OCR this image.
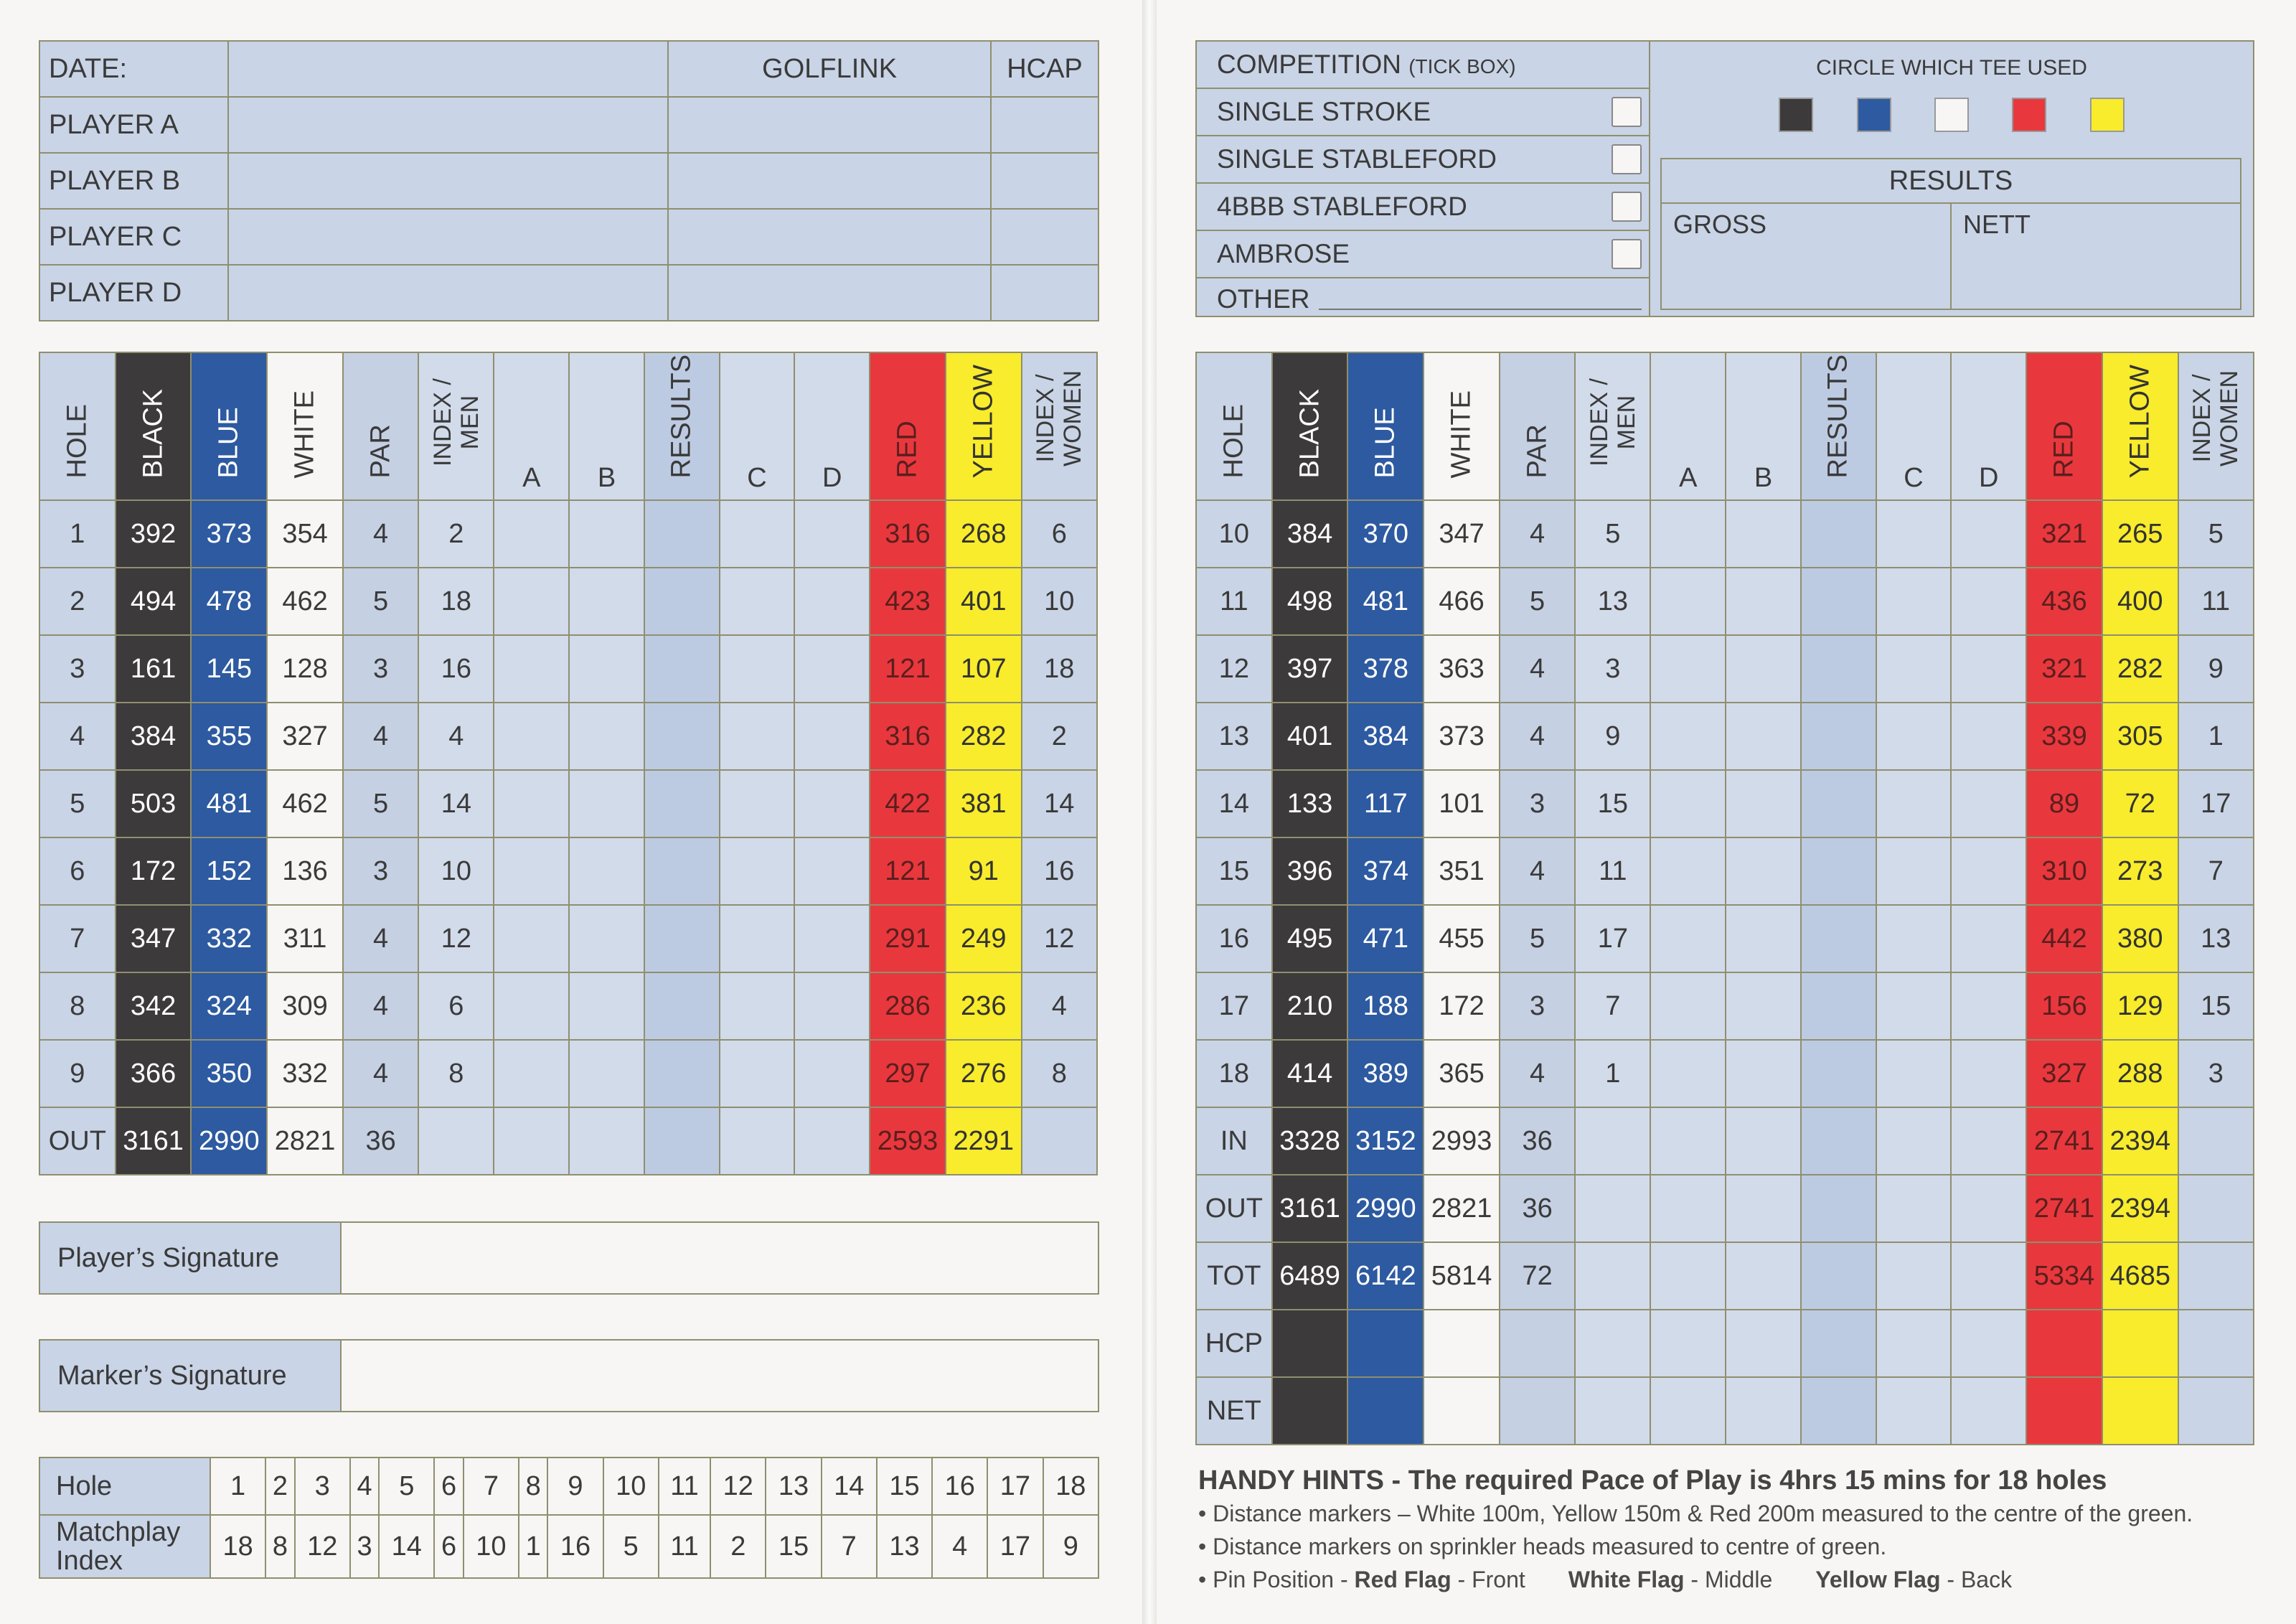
DATE:		GOLFLINK	HCAP
PLAYER A			
PLAYER B			
PLAYER C			
PLAYER D			
COMPETITION (TICK BOX)
SINGLE STROKE
SINGLE STABLEFORD
4BBB STABLEFORD
AMBROSE
OTHER
CIRCLE WHICH TEE USED

RESULTS
GROSS	NETT
HOLE	BLACK	BLUE	WHITE	PAR	INDEX / MEN	A	B	RESULTS	C	D	RED	YELLOW	INDEX / WOMEN

1	392	373	354	4	2						316	268	6
2	494	478	462	5	18						423	401	10
3	161	145	128	3	16						121	107	18
4	384	355	327	4	4						316	282	2
5	503	481	462	5	14						422	381	14
6	172	152	136	3	10						121	91	16
7	347	332	311	4	12						291	249	12
8	342	324	309	4	6						286	236	4
9	366	350	332	4	8						297	276	8
OUT	3161	2990	2821	36							2593	2291	
HOLE	BLACK	BLUE	WHITE	PAR	INDEX / MEN	A	B	RESULTS	C	D	RED	YELLOW	INDEX / WOMEN

10	384	370	347	4	5						321	265	5
11	498	481	466	5	13						436	400	11
12	397	378	363	4	3						321	282	9
13	401	384	373	4	9						339	305	1
14	133	117	101	3	15						89	72	17
15	396	374	351	4	11						310	273	7
16	495	471	455	5	17						442	380	13
17	210	188	172	3	7						156	129	15
18	414	389	365	4	1						327	288	3
IN	3328	3152	2993	36							2741	2394	
OUT	3161	2990	2821	36							2741	2394	
TOT	6489	6142	5814	72							5334	4685	
HCP													
NET													
Player’s Signature	
Marker’s Signature	
Hole	1	2	3	4	5	6	7	8	9	10	11	12	13	14	15	16	17	18

Matchplay
Index	18	8	12	3	14	6	10	1	16	5	11	2	15	7	13	4	17	9
HANDY HINTS - The required Pace of Play is 4hrs 15 mins for 18 holes
• Distance markers – White 100m, Yellow 150m & Red 200m measured to the centre of the green.
• Distance markers on sprinkler heads measured to centre of green.
• Pin Position - Red Flag - Front White Flag - Middle Yellow Flag - Back
